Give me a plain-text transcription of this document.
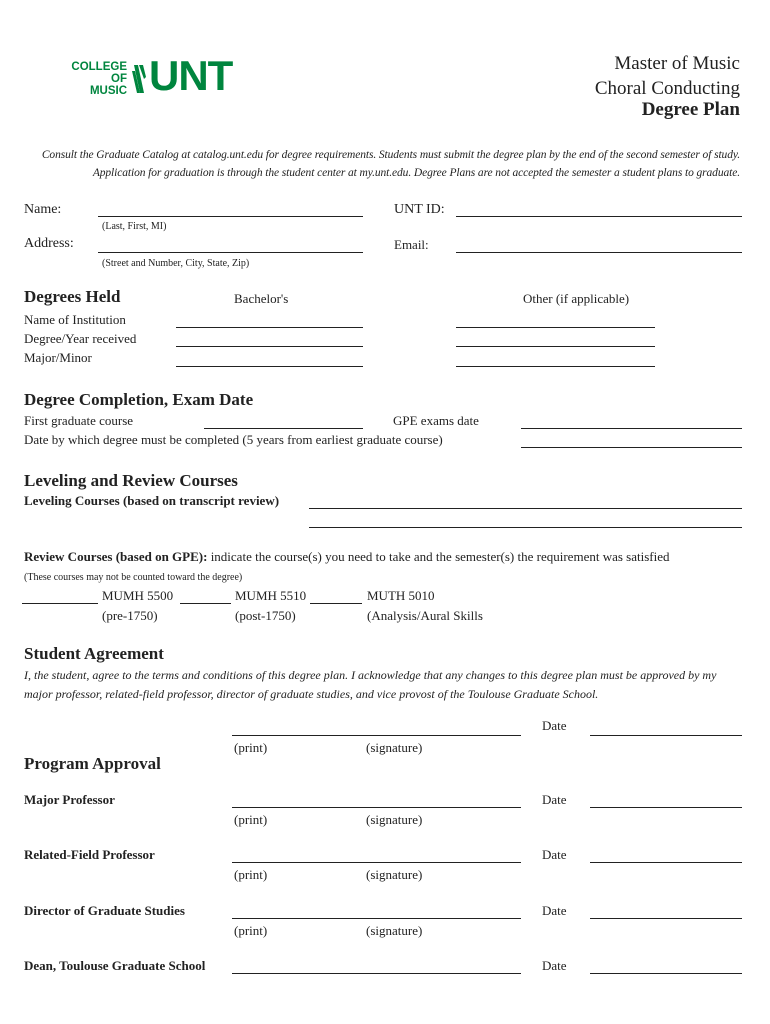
COLLEGE OF
MUSIC UNT	Master of Music
Choral Conducting
Degree Plan
Consult the Graduate Catalog at catalog.unt.edu for degree requirements. Students must submit the degree plan by the end of the second semester of study.
Application for graduation is through the student center at my.unt.edu. Degree Plans are not accepted the semester a student plans to graduate.
Name:
(Last, First, MI)
UNT ID:
Address:
(Street and Number, City, State, Zip)
Email:
Degrees Held	Bachelor's	Other (if applicable)
Name of Institution
Degree/Year received
Major/Minor
Degree Completion, Exam Date
First graduate course	GPE exams date
Date by which degree must be completed (5 years from earliest graduate course)
Leveling and Review Courses
Leveling Courses (based on transcript review)
Review Courses (based on GPE): indicate the course(s) you need to take and the semester(s) the requirement was satisfied
(These courses may not be counted toward the degree)
MUMH 5500
(pre-1750)
MUMH 5510
(post-1750)
MUTH 5010
(Analysis/Aural Skills
Student Agreement
I, the student, agree to the terms and conditions of this degree plan. I acknowledge that any changes to this degree plan must be approved by my
major professor, related-field professor, director of graduate studies, and vice provost of the Toulouse Graduate School.
Date
(print)	(signature)
Program Approval
Major Professor	Date
(print)	(signature)
Related-Field Professor	Date
(print)	(signature)
Director of Graduate Studies	Date
(print)	(signature)
Dean, Toulouse Graduate School	Date
